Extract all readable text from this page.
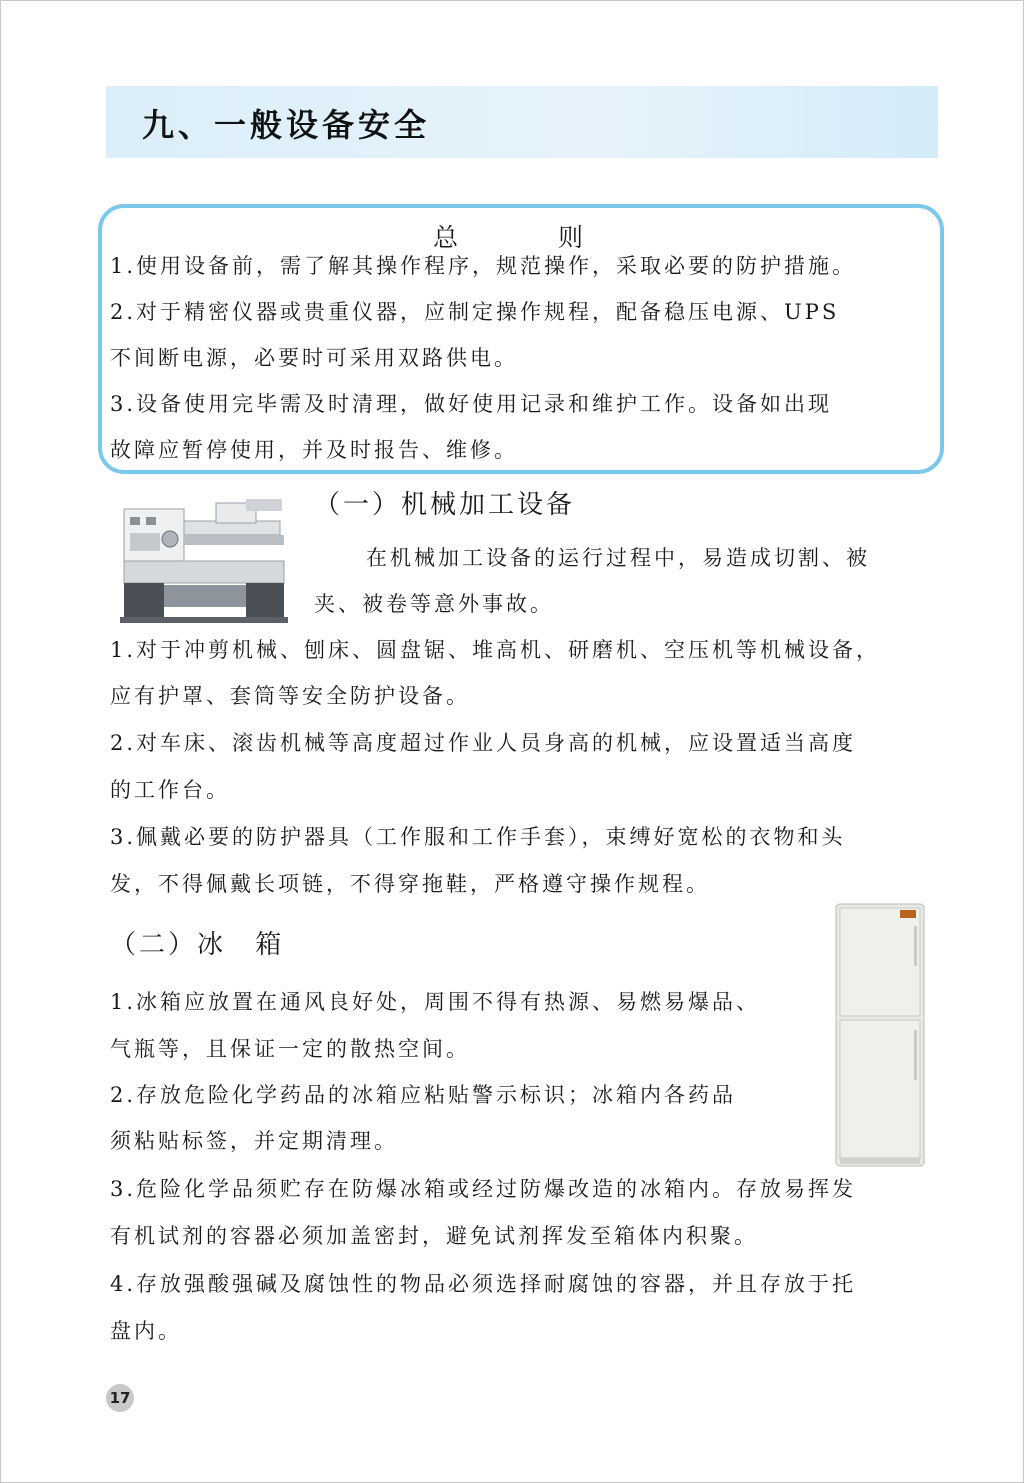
九、一般设备安全
总 则
1.使用设备前，需了解其操作程序，规范操作，采取必要的防护措施。
2.对于精密仪器或贵重仪器，应制定操作规程，配备稳压电源、UPS
不间断电源，必要时可采用双路供电。
3.设备使用完毕需及时清理，做好使用记录和维护工作。设备如出现
故障应暂停使用，并及时报告、维修。
（一）机械加工设备
在机械加工设备的运行过程中，易造成切割、被
夹、被卷等意外事故。
1.对于冲剪机械、刨床、圆盘锯、堆高机、研磨机、空压机等机械设备，
应有护罩、套筒等安全防护设备。
2.对车床、滚齿机械等高度超过作业人员身高的机械，应设置适当高度
的工作台。
3.佩戴必要的防护器具（工作服和工作手套），束缚好宽松的衣物和头
发，不得佩戴长项链，不得穿拖鞋，严格遵守操作规程。
（二）冰 箱
1.冰箱应放置在通风良好处，周围不得有热源、易燃易爆品、
气瓶等，且保证一定的散热空间。
2.存放危险化学药品的冰箱应粘贴警示标识；冰箱内各药品
须粘贴标签，并定期清理。
3.危险化学品须贮存在防爆冰箱或经过防爆改造的冰箱内。存放易挥发
有机试剂的容器必须加盖密封，避免试剂挥发至箱体内积聚。
4.存放强酸强碱及腐蚀性的物品必须选择耐腐蚀的容器，并且存放于托
盘内。
17
